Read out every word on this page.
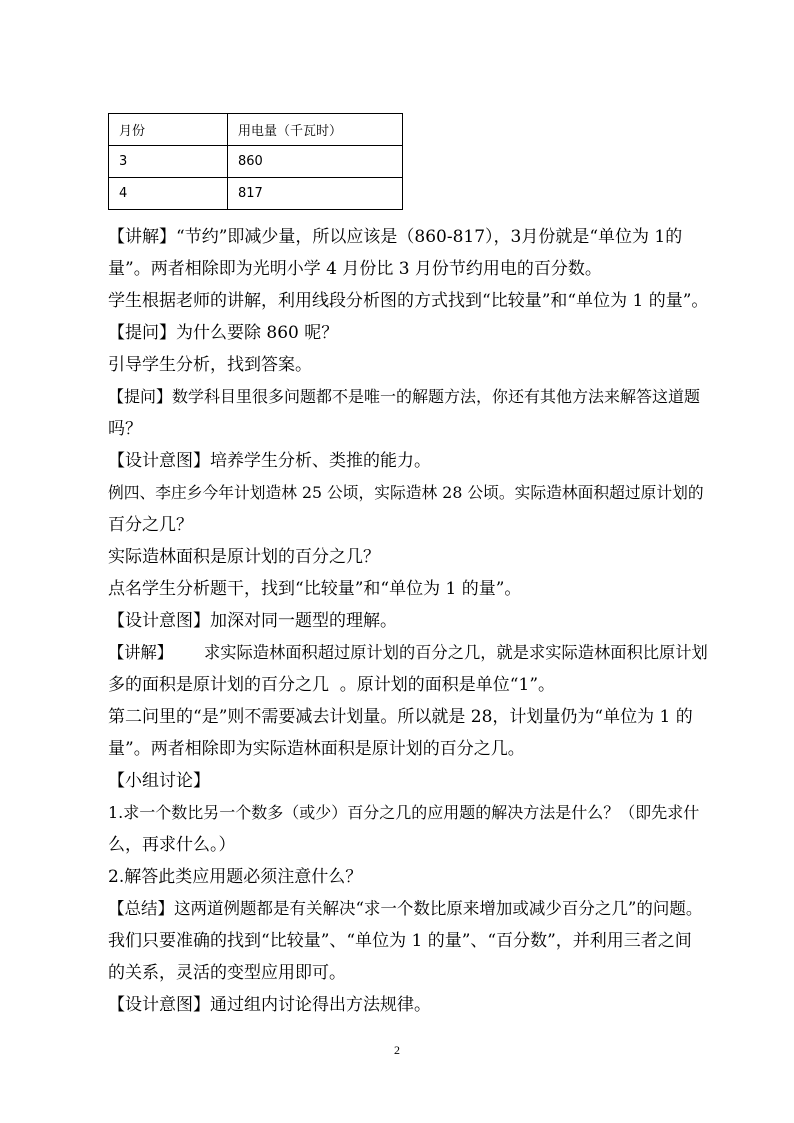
月份	用电量（千瓦时）
3	860
4	817
【讲解】“节约”即减少量，所以应该是（860-817），3月份就是“单位为 1的
量”。两者相除即为光明小学 4 月份比 3 月份节约用电的百分数。
学生根据老师的讲解，利用线段分析图的方式找到“比较量”和“单位为 1 的量”。
【提问】为什么要除 860 呢？
引导学生分析，找到答案。
【提问】数学科目里很多问题都不是唯一的解题方法，你还有其他方法来解答这道题
吗？
【设计意图】培养学生分析、类推的能力。
例四、李庄乡今年计划造林 25 公顷，实际造林 28 公顷。实际造林面积超过原计划的
百分之几？
实际造林面积是原计划的百分之几？
点名学生分析题干，找到“比较量”和“单位为 1 的量”。
【设计意图】加深对同一题型的理解。
【讲解】      求实际造林面积超过原计划的百分之几，就是求实际造林面积比原计划
多的面积是原计划的百分之几  。原计划的面积是单位“1”。
第二问里的“是”则不需要减去计划量。所以就是 28，计划量仍为“单位为 1 的
量”。两者相除即为实际造林面积是原计划的百分之几。
【小组讨论】
1.求一个数比另一个数多（或少）百分之几的应用题的解决方法是什么？（即先求什
么，再求什么。）
2.解答此类应用题必须注意什么？
【总结】这两道例题都是有关解决“求一个数比原来增加或减少百分之几”的问题。
我们只要准确的找到“比较量”、“单位为 1 的量”、“百分数”，并利用三者之间
的关系，灵活的变型应用即可。
【设计意图】通过组内讨论得出方法规律。
2
